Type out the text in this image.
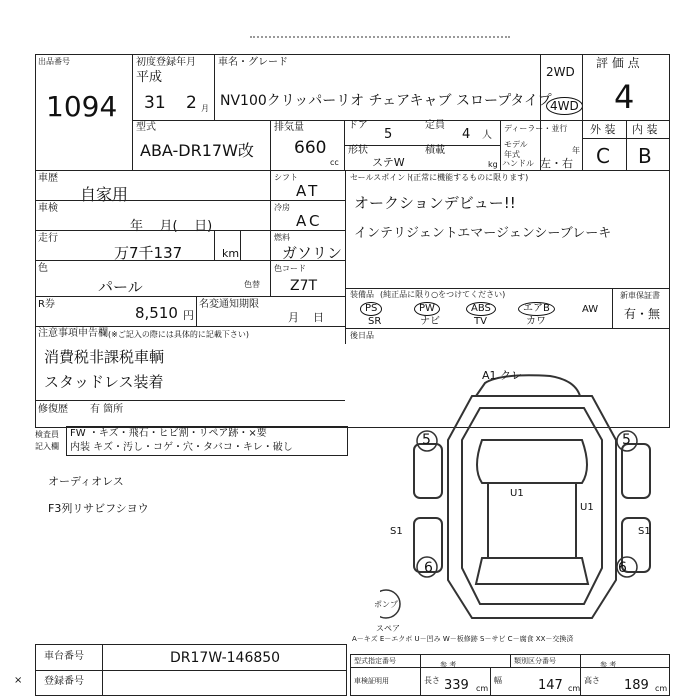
出品番号
1094
初度登録年月
平成
31 2 月
車名・グレード
NV100クリッパーリオ チェアキャブ スロープタイプ
2WD
4WD
評 価 点
4
型式
ABA-DR17W改
排気量
660
cc
ドア
5
定員
4 人
形状
ステW
積載
kg
ディーラー・並行
モデル年式	年
ハンドル 左・右
外 装 内 装
C B
車歴
自家用
車検
年    月(    日)
走行
万7千137	km
シフト
AT
冷房
AC
燃料
ガソリン
色
パール	色替
色コード
Z7T
R券	8,510 円
名変通知期限
月    日
注意事項申告欄 (※ご記入の際には具体的に記載下さい)
消費税非課税車輌
スタッドレス装着
修復歴 有 箇所
セールスポイント
(正常に機能するものに限ります)
オークションデビュー!!
インテリジェントエマージェンシーブレーキ
装備品 (純正品に限り○をつけてください)
PS	PW	ABS	エアB	AW
SR	ナビ	TV	カワ
新車保証書
有・無
後日品
検査員
記入欄
FW ・キズ・飛石・ヒビ割・リペア跡・×要
内装 キズ・汚し・コゲ・穴・タバコ・キレ・破し
オーディオレス
F3列リサビフシヨウ
A1 クレ
5	5
U1
U1
S1	S1
6	6
ポンプ
スペア
A－キズ E－エクボ U－凹み W－板修跡 S－サビ C－腐食 XX－交換済
車台番号	DR17W-146850
登録番号
×
型式指定番号	参 考	類別区分番号	参 考
車検証明用	長さ 339 cm
幅	147 cm
高さ 189 cm
